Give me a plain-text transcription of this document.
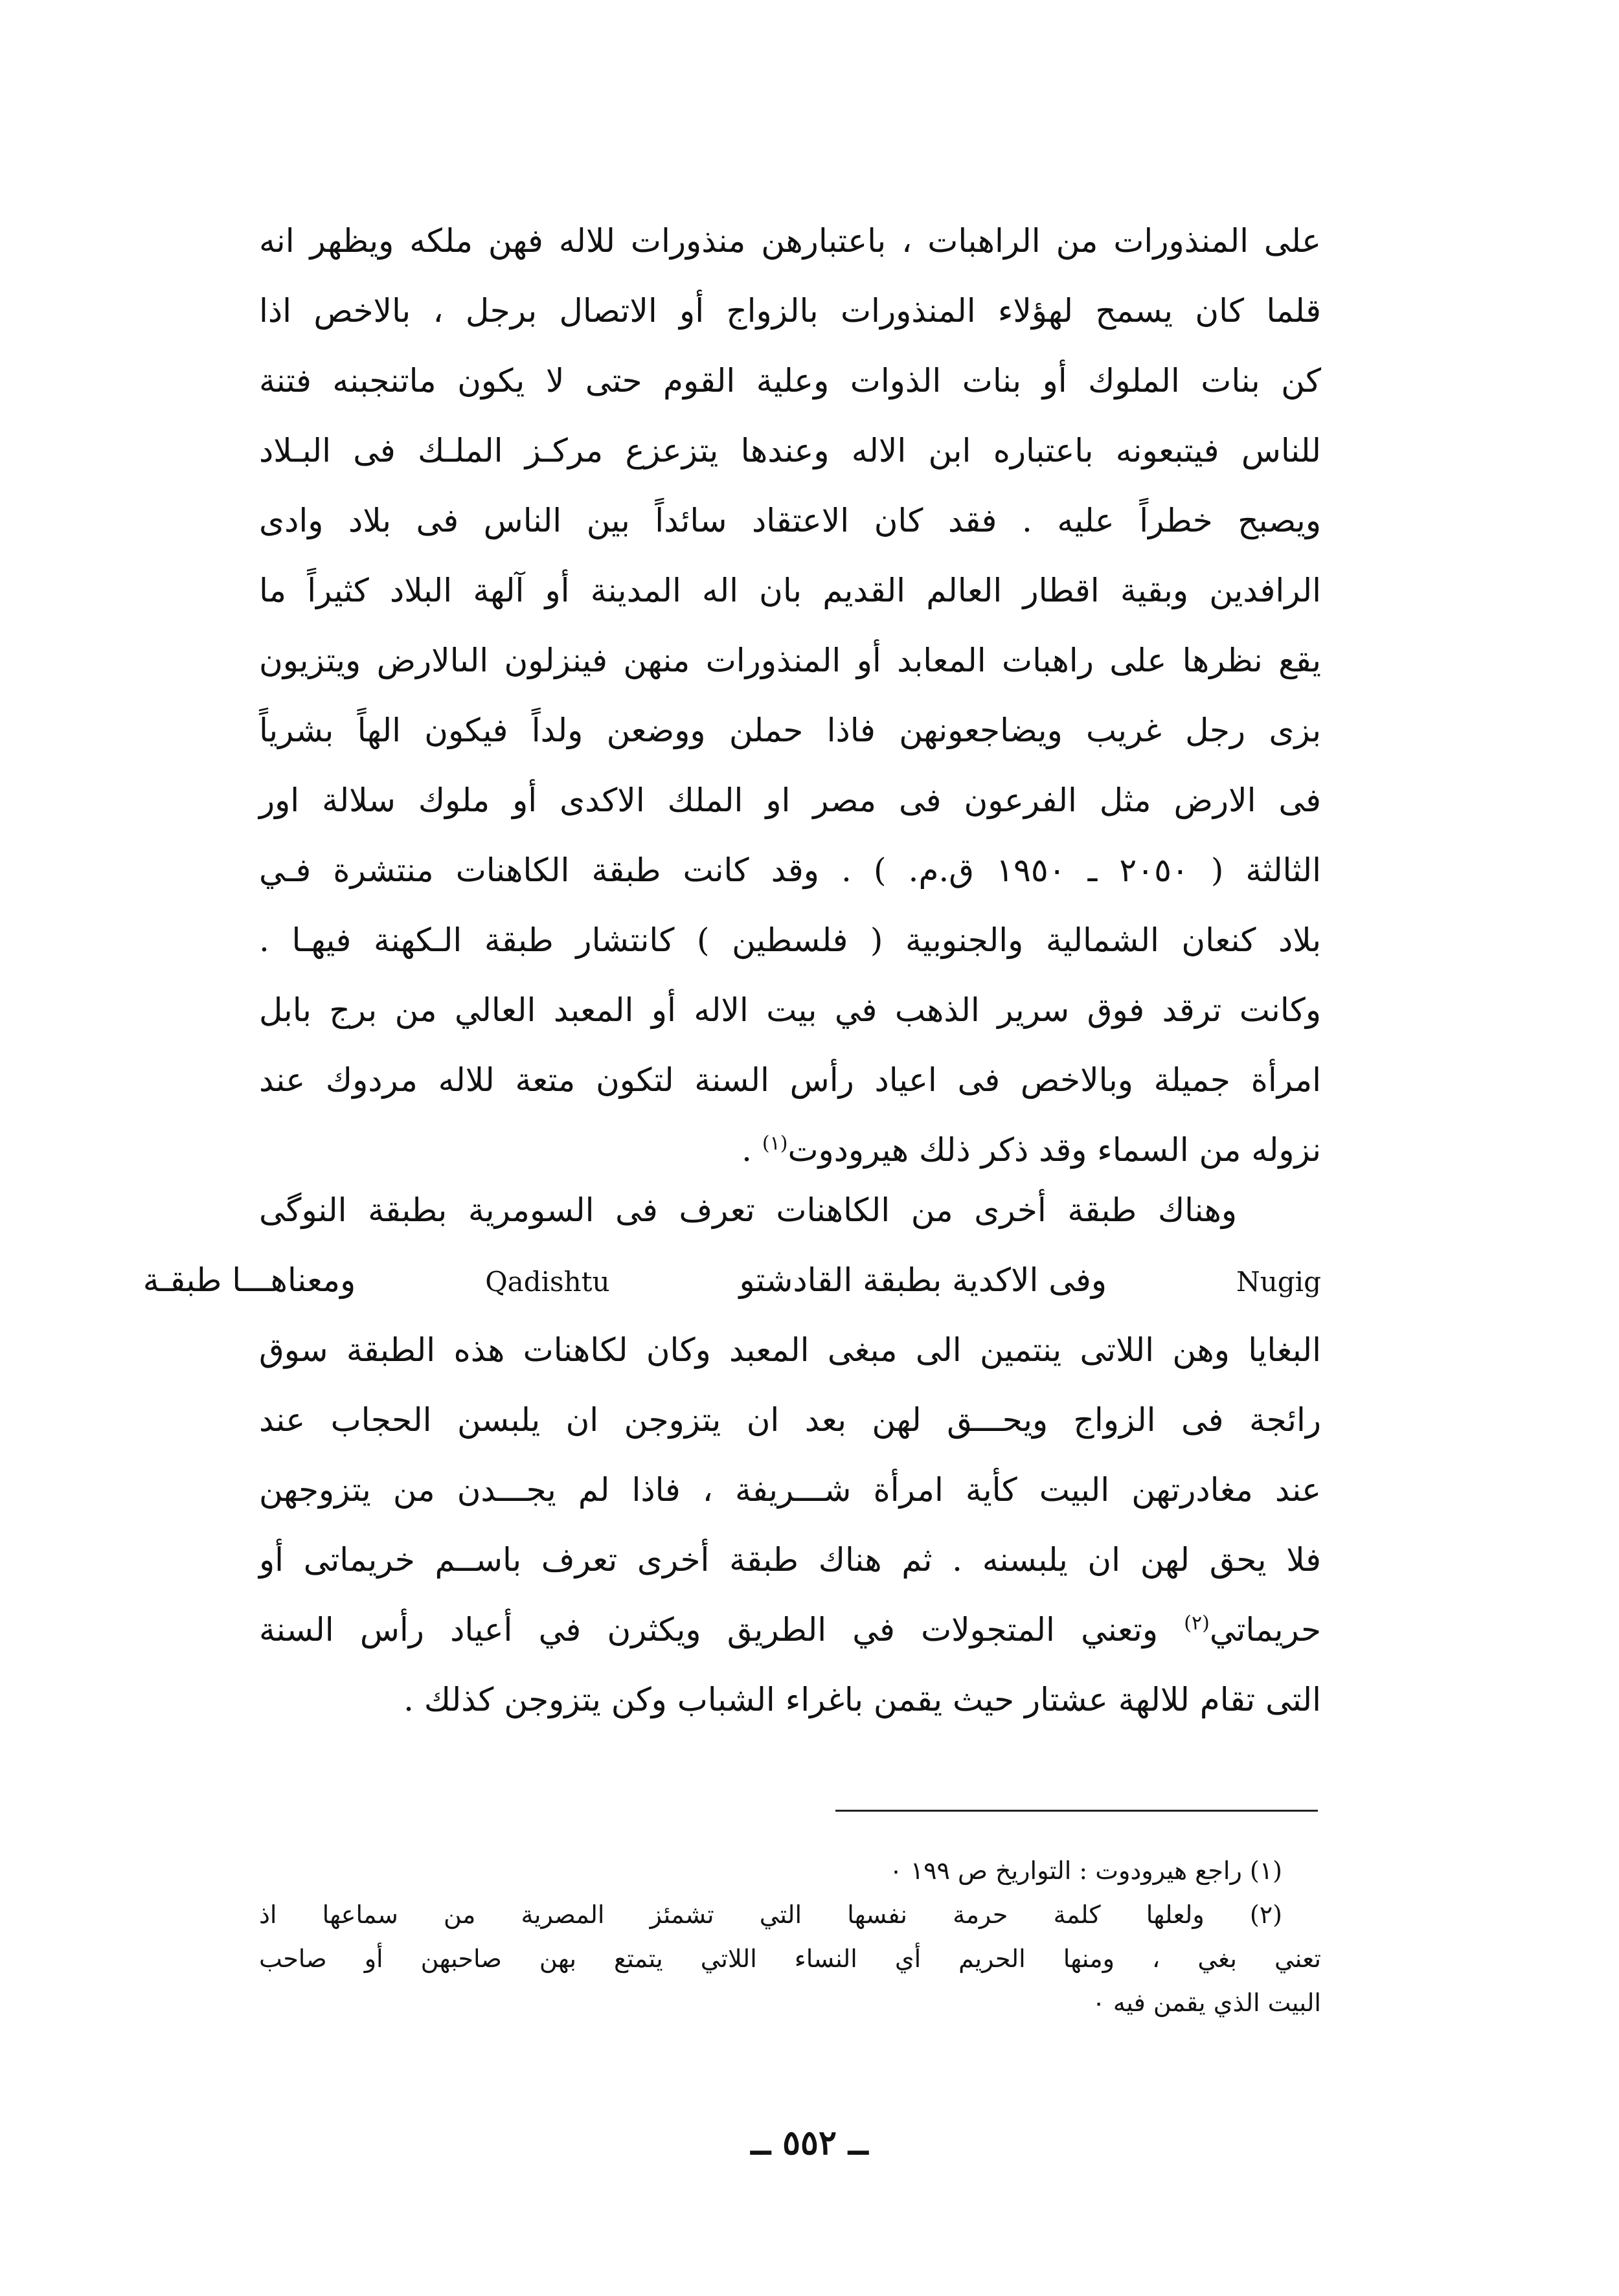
على المنذورات من الراهبات ، باعتبارهن منذورات للاله فهن ملكه ويظهر انه
قلما كان يسمح لهؤلاء المنذورات بالزواج أو الاتصال برجل ، بالاخص اذا
كن بنات الملوك أو بنات الذوات وعلية القوم حتى لا يكون ماتنجبنه فتنة
للناس فيتبعونه باعتباره ابن الاله وعندها يتزعزع مركـز الملـك فى البـلاد
ويصبح خطراً عليه . فقد كان الاعتقاد سائداً بين الناس فى بلاد وادى
الرافدين وبقية اقطار العالم القديم بان اله المدينة أو آلهة البلاد كثيراً ما
يقع نظرها على راهبات المعابد أو المنذورات منهن فينزلون الىالارض ويتزيون
بزى رجل غريب ويضاجعونهن فاذا حملن ووضعن ولداً فيكون الهاً بشرياً
فى الارض مثل الفرعون فى مصر او الملك الاكدى أو ملوك سلالة اور
الثالثة ( ٢٠٥٠ ـ ١٩٥٠ ق.م. ) . وقد كانت طبقة الكاهنات منتشرة فـي
بلاد كنعان الشمالية والجنوبية ( فلسطين ) كانتشار طبقة الـكهنة فيهـا .
وكانت ترقد فوق سرير الذهب في بيت الاله أو المعبد العالي من برج بابل
امرأة جميلة وبالاخص فى اعياد رأس السنة لتكون متعة للاله مردوك عند
نزوله من السماء وقد ذكر ذلك هيرودوت$^{(١)}$ .
وهناك طبقة أخرى من الكاهنات تعرف فى السومرية بطبقة النوگى
Nugig    وفى الاكدية بطبقة القادشتو    Qadishtu    ومعناهـــا طبقـة
البغايا وهن اللاتى ينتمين الى مبغى المعبد وكان لكاهنات هذه الطبقة سوق
رائجة فى الزواج ويحـــق لهن بعد ان يتزوجن ان يلبسن الحجاب عند
عند مغادرتهن البيت كأية امرأة شـــريفة ، فاذا لم يجـــدن من يتزوجهن
فلا يحق لهن ان يلبسنه . ثم هناك طبقة أخرى تعرف باســم خريماتى أو
حريماتي$^{(٢)}$ وتعني المتجولات في الطريق ويكثرن في أعياد رأس السنة
التى تقام للالهة عشتار حيث يقمن باغراء الشباب وكن يتزوجن كذلك .
(١) راجع هيرودوت : التواريخ ص ١٩٩ ٠
(٢) ولعلها كلمة حرمة نفسها التي تشمئز المصرية من سماعها اذ
تعني بغي ، ومنها الحريم أي النساء اللاتي يتمتع بهن صاحبهن أو صاحب
البيت الذي يقمن فيه ٠
ــ ٥٥٢ ــ
